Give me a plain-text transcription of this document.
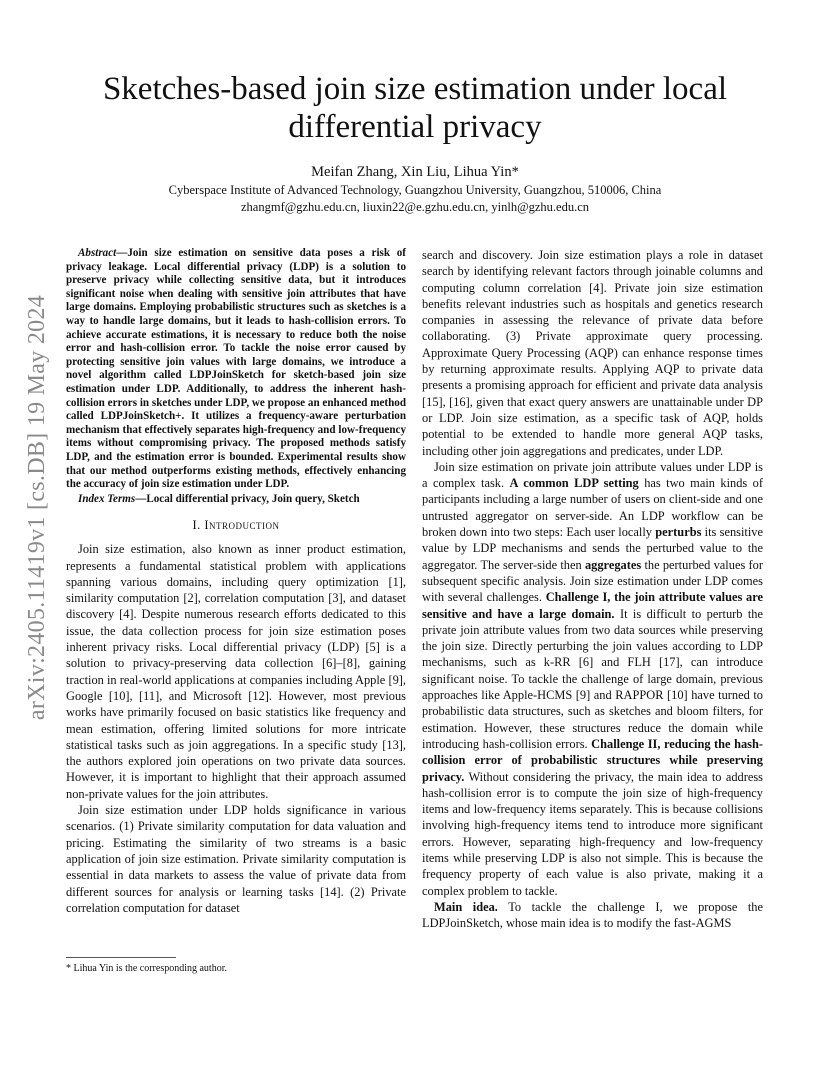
arXiv:2405.11419v1 [cs.DB] 19 May 2024
Sketches-based join size estimation under local differential privacy
Meifan Zhang, Xin Liu, Lihua Yin*
Cyberspace Institute of Advanced Technology, Guangzhou University, Guangzhou, 510006, China
zhangmf@gzhu.edu.cn, liuxin22@e.gzhu.edu.cn, yinlh@gzhu.edu.cn

Abstract—Join size estimation on sensitive data poses a risk of privacy leakage. Local differential privacy (LDP) is a solution to preserve privacy while collecting sensitive data, but it introduces significant noise when dealing with sensitive join attributes that have large domains. Employing probabilistic structures such as sketches is a way to handle large domains, but it leads to hash-collision errors. To achieve accurate estimations, it is necessary to reduce both the noise error and hash-collision error. To tackle the noise error caused by protecting sensitive join values with large domains, we introduce a novel algorithm called LDPJoinSketch for sketch-based join size estimation under LDP. Additionally, to address the inherent hash-collision errors in sketches under LDP, we propose an enhanced method called LDPJoinSketch+. It utilizes a frequency-aware perturbation mechanism that effectively separates high-frequency and low-frequency items without compromising privacy. The proposed methods satisfy LDP, and the estimation error is bounded. Experimental results show that our method outperforms existing methods, effectively enhancing the accuracy of join size estimation under LDP.

Index Terms—Local differential privacy, Join query, Sketch

I. Introduction

Join size estimation, also known as inner product estimation, represents a fundamental statistical problem with applications spanning various domains, including query optimization [1], similarity computation [2], correlation computation [3], and dataset discovery [4]. Despite numerous research efforts dedicated to this issue, the data collection process for join size estimation poses inherent privacy risks. Local differential privacy (LDP) [5] is a solution to privacy-preserving data collection [6]–[8], gaining traction in real-world applications at companies including Apple [9], Google [10], [11], and Microsoft [12]. However, most previous works have primarily focused on basic statistics like frequency and mean estimation, offering limited solutions for more intricate statistical tasks such as join aggregations. In a specific study [13], the authors explored join operations on two private data sources. However, it is important to highlight that their approach assumed non-private values for the join attributes.

Join size estimation under LDP holds significance in various scenarios. (1) Private similarity computation for data valuation and pricing. Estimating the similarity of two streams is a basic application of join size estimation. Private similarity computation is essential in data markets to assess the value of private data from different sources for analysis or learning tasks [14]. (2) Private correlation computation for dataset

* Lihua Yin is the corresponding author.

search and discovery. Join size estimation plays a role in dataset search by identifying relevant factors through joinable columns and computing column correlation [4]. Private join size estimation benefits relevant industries such as hospitals and genetics research companies in assessing the relevance of private data before collaborating. (3) Private approximate query processing. Approximate Query Processing (AQP) can enhance response times by returning approximate results. Applying AQP to private data presents a promising approach for efficient and private data analysis [15], [16], given that exact query answers are unattainable under DP or LDP. Join size estimation, as a specific task of AQP, holds potential to be extended to handle more general AQP tasks, including other join aggregations and predicates, under LDP.

Join size estimation on private join attribute values under LDP is a complex task. A common LDP setting has two main kinds of participants including a large number of users on client-side and one untrusted aggregator on server-side. An LDP workflow can be broken down into two steps: Each user locally perturbs its sensitive value by LDP mechanisms and sends the perturbed value to the aggregator. The server-side then aggregates the perturbed values for subsequent specific analysis. Join size estimation under LDP comes with several challenges. Challenge I, the join attribute values are sensitive and have a large domain. It is difficult to perturb the private join attribute values from two data sources while preserving the join size. Directly perturbing the join values according to LDP mechanisms, such as k-RR [6] and FLH [17], can introduce significant noise. To tackle the challenge of large domain, previous approaches like Apple-HCMS [9] and RAPPOR [10] have turned to probabilistic data structures, such as sketches and bloom filters, for estimation. However, these structures reduce the domain while introducing hash-collision errors. Challenge II, reducing the hash-collision error of probabilistic structures while preserving privacy. Without considering the privacy, the main idea to address hash-collision error is to compute the join size of high-frequency items and low-frequency items separately. This is because collisions involving high-frequency items tend to introduce more significant errors. However, separating high-frequency and low-frequency items while preserving LDP is also not simple. This is because the frequency property of each value is also private, making it a complex problem to tackle.

Main idea. To tackle the challenge I, we propose the LDPJoinSketch, whose main idea is to modify the fast-AGMS
